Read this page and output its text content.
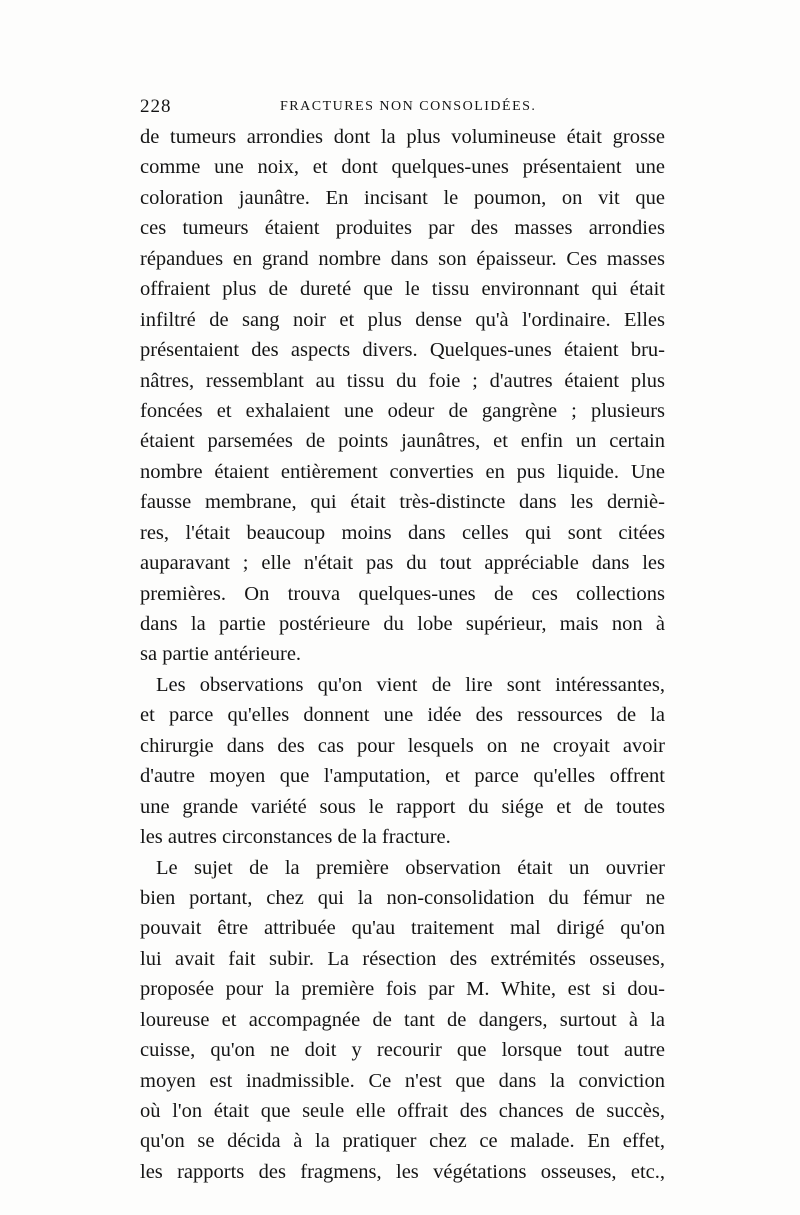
228	FRACTURES NON CONSOLIDÉES.
de tumeurs arrondies dont la plus volumineuse était grosse
comme une noix, et dont quelques-unes présentaient une
coloration jaunâtre. En incisant le poumon, on vit que
ces tumeurs étaient produites par des masses arrondies
répandues en grand nombre dans son épaisseur. Ces masses
offraient plus de dureté que le tissu environnant qui était
infiltré de sang noir et plus dense qu'à l'ordinaire. Elles
présentaient des aspects divers. Quelques-unes étaient bru-
nâtres, ressemblant au tissu du foie ; d'autres étaient plus
foncées et exhalaient une odeur de gangrène ; plusieurs
étaient parsemées de points jaunâtres, et enfin un certain
nombre étaient entièrement converties en pus liquide. Une
fausse membrane, qui était très-distincte dans les derniè-
res, l'était beaucoup moins dans celles qui sont citées
auparavant ; elle n'était pas du tout appréciable dans les
premières. On trouva quelques-unes de ces collections
dans la partie postérieure du lobe supérieur, mais non à
sa partie antérieure.
Les observations qu'on vient de lire sont intéressantes,
et parce qu'elles donnent une idée des ressources de la
chirurgie dans des cas pour lesquels on ne croyait avoir
d'autre moyen que l'amputation, et parce qu'elles offrent
une grande variété sous le rapport du siége et de toutes
les autres circonstances de la fracture.
Le sujet de la première observation était un ouvrier
bien portant, chez qui la non-consolidation du fémur ne
pouvait être attribuée qu'au traitement mal dirigé qu'on
lui avait fait subir. La résection des extrémités osseuses,
proposée pour la première fois par M. White, est si dou-
loureuse et accompagnée de tant de dangers, surtout à la
cuisse, qu'on ne doit y recourir que lorsque tout autre
moyen est inadmissible. Ce n'est que dans la conviction
où l'on était que seule elle offrait des chances de succès,
qu'on se décida à la pratiquer chez ce malade. En effet,
les rapports des fragmens, les végétations osseuses, etc.,
